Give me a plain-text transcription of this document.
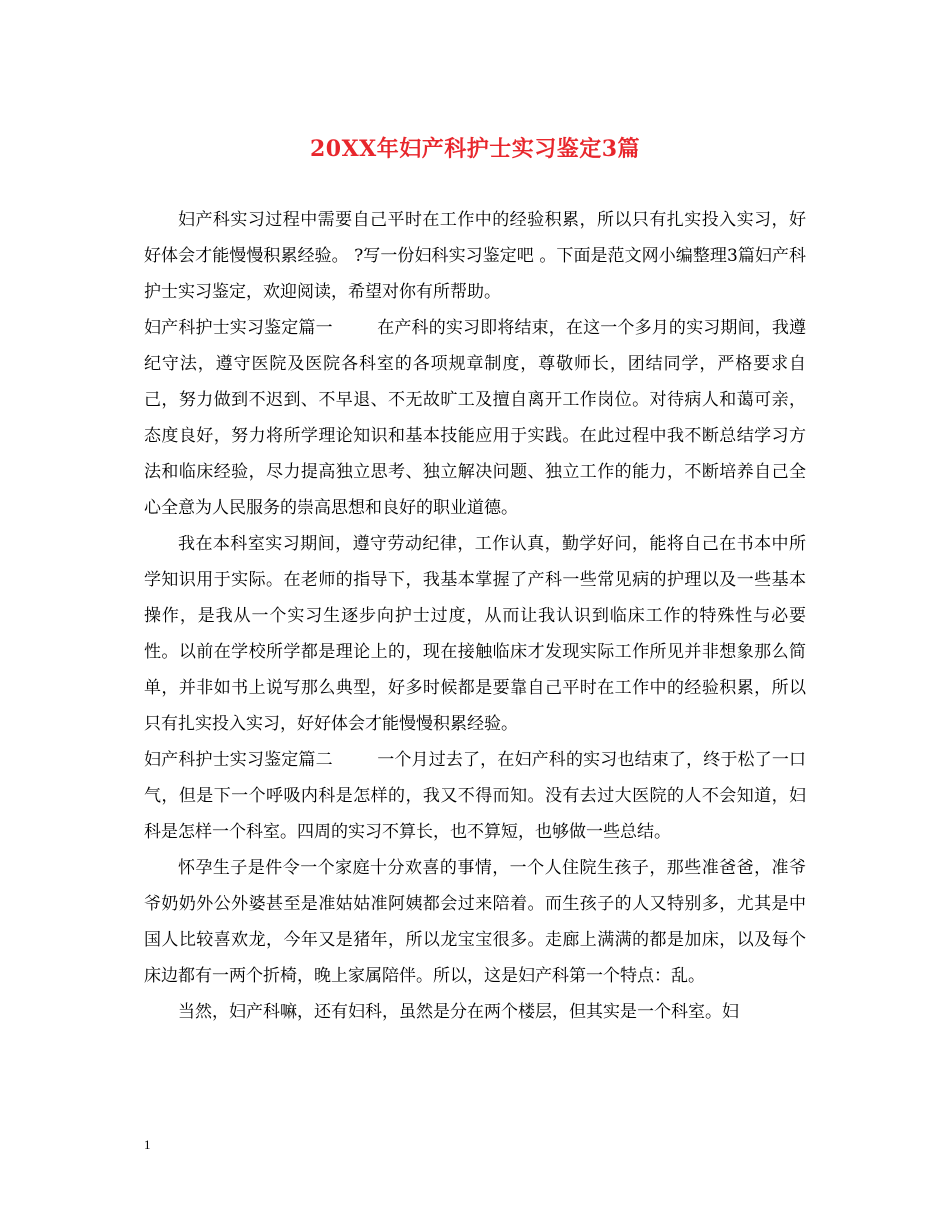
20XX年妇产科护士实习鉴定3篇

妇产科实习过程中需要自己平时在工作中的经验积累，所以只有扎实投入实习，好好体会才能慢慢积累经验。 ?写一份妇科实习鉴定吧 。下面是范文网小编整理3篇妇产科护士实习鉴定，欢迎阅读，希望对你有所帮助。

妇产科护士实习鉴定篇一	在产科的实习即将结束，在这一个多月的实习期间，我遵纪守法，遵守医院及医院各科室的各项规章制度，尊敬师长，团结同学，严格要求自己，努力做到不迟到、不早退、不无故旷工及擅自离开工作岗位。对待病人和蔼可亲，态度良好，努力将所学理论知识和基本技能应用于实践。在此过程中我不断总结学习方法和临床经验，尽力提高独立思考、独立解决问题、独立工作的能力，不断培养自己全心全意为人民服务的崇高思想和良好的职业道德。

我在本科室实习期间，遵守劳动纪律，工作认真，勤学好问，能将自己在书本中所学知识用于实际。在老师的指导下，我基本掌握了产科一些常见病的护理以及一些基本操作，是我从一个实习生逐步向护士过度，从而让我认识到临床工作的特殊性与必要性。以前在学校所学都是理论上的，现在接触临床才发现实际工作所见并非想象那么简单，并非如书上说写那么典型，好多时候都是要靠自己平时在工作中的经验积累，所以只有扎实投入实习，好好体会才能慢慢积累经验。

妇产科护士实习鉴定篇二	一个月过去了，在妇产科的实习也结束了，终于松了一口气，但是下一个呼吸内科是怎样的，我又不得而知。没有去过大医院的人不会知道，妇科是怎样一个科室。四周的实习不算长，也不算短，也够做一些总结。

怀孕生子是件令一个家庭十分欢喜的事情，一个人住院生孩子，那些准爸爸，准爷爷奶奶外公外婆甚至是准姑姑准阿姨都会过来陪着。而生孩子的人又特别多，尤其是中国人比较喜欢龙，今年又是猪年，所以龙宝宝很多。走廊上满满的都是加床，以及每个床边都有一两个折椅，晚上家属陪伴。所以，这是妇产科第一个特点：乱。

当然，妇产科嘛，还有妇科，虽然是分在两个楼层，但其实是一个科室。妇

1
